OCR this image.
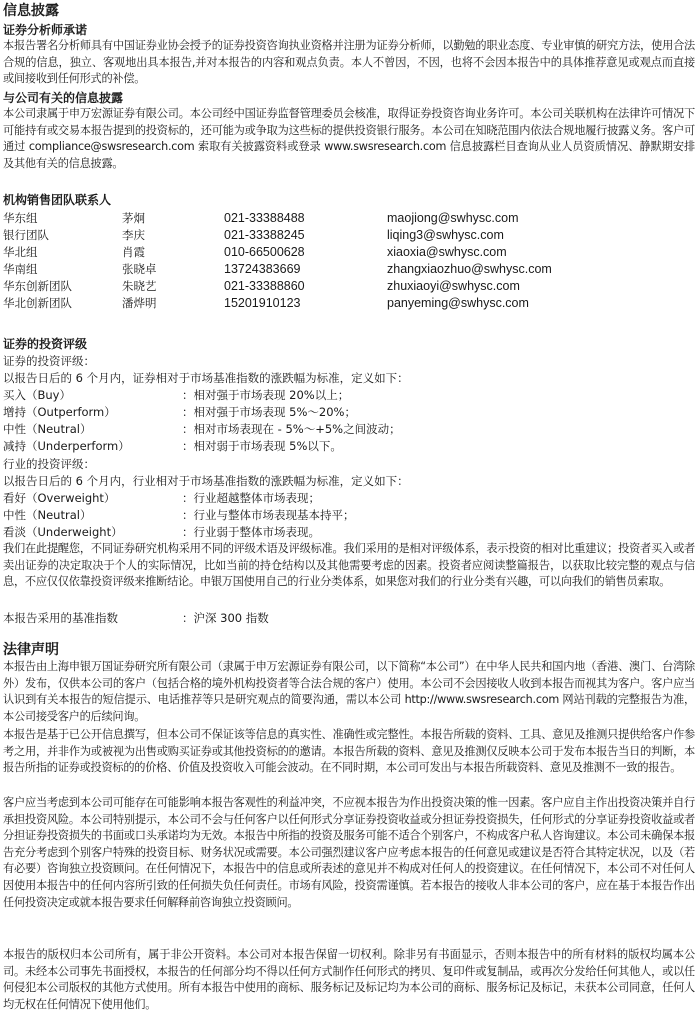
信息披露
证券分析师承诺
本报告署名分析师具有中国证券业协会授予的证券投资咨询执业资格并注册为证券分析师，以勤勉的职业态度、专业审慎的研究方法，使用合法合规的信息，独立、客观地出具本报告,并对本报告的内容和观点负责。本人不曾因，不因，也将不会因本报告中的具体推荐意见或观点而直接或间接收到任何形式的补偿。
与公司有关的信息披露
本公司隶属于申万宏源证券有限公司。本公司经中国证券监督管理委员会核准，取得证券投资咨询业务许可。本公司关联机构在法律许可情况下可能持有或交易本报告提到的投资标的，还可能为或争取为这些标的提供投资银行服务。本公司在知晓范围内依法合规地履行披露义务。客户可通过 compliance@swsresearch.com 索取有关披露资料或登录 www.swsresearch.com 信息披露栏目查询从业人员资质情况、静默期安排及其他有关的信息披露。
机构销售团队联系人
华东组	茅炯	021-33388488	maojiong@swhysc.com
银行团队	李庆	021-33388245	liqing3@swhysc.com
华北组	肖霞	010-66500628	xiaoxia@swhysc.com
华南组	张晓卓	13724383669	zhangxiaozhuo@swhysc.com
华东创新团队	朱晓艺	021-33388860	zhuxiaoyi@swhysc.com
华北创新团队	潘烨明	15201910123	panyeming@swhysc.com
证券的投资评级
证券的投资评级：
以报告日后的 6 个月内，证券相对于市场基准指数的涨跌幅为标准，定义如下：
买入（Buy）	：相对强于市场表现 20%以上；
增持（Outperform）	：相对强于市场表现 5%～20%；
中性（Neutral）	：相对市场表现在 - 5%～+5%之间波动；
减持（Underperform）	：相对弱于市场表现 5%以下。
行业的投资评级：
以报告日后的 6 个月内，行业相对于市场基准指数的涨跌幅为标准，定义如下：
看好（Overweight）	：行业超越整体市场表现；
中性（Neutral）	：行业与整体市场表现基本持平；
看淡（Underweight）	：行业弱于整体市场表现。
我们在此提醒您，不同证券研究机构采用不同的评级术语及评级标准。我们采用的是相对评级体系，表示投资的相对比重建议；投资者买入或者卖出证券的决定取决于个人的实际情况，比如当前的持仓结构以及其他需要考虑的因素。投资者应阅读整篇报告，以获取比较完整的观点与信息，不应仅仅依靠投资评级来推断结论。申银万国使用自己的行业分类体系，如果您对我们的行业分类有兴趣，可以向我们的销售员索取。
本报告采用的基准指数	：沪深 300 指数
法律声明
本报告由上海申银万国证券研究所有限公司（隶属于申万宏源证券有限公司，以下简称“本公司”）在中华人民共和国内地（香港、澳门、台湾除外）发布，仅供本公司的客户（包括合格的境外机构投资者等合法合规的客户）使用。本公司不会因接收人收到本报告而视其为客户。客户应当认识到有关本报告的短信提示、电话推荐等只是研究观点的简要沟通，需以本公司 http://www.swsresearch.com 网站刊载的完整报告为准，本公司接受客户的后续问询。
本报告是基于已公开信息撰写，但本公司不保证该等信息的真实性、准确性或完整性。本报告所载的资料、工具、意见及推测只提供给客户作参考之用，并非作为或被视为出售或购买证券或其他投资标的的邀请。本报告所载的资料、意见及推测仅反映本公司于发布本报告当日的判断，本报告所指的证券或投资标的的价格、价值及投资收入可能会波动。在不同时期，本公司可发出与本报告所载资料、意见及推测不一致的报告。
客户应当考虑到本公司可能存在可能影响本报告客观性的利益冲突，不应视本报告为作出投资决策的惟一因素。客户应自主作出投资决策并自行承担投资风险。本公司特别提示，本公司不会与任何客户以任何形式分享证券投资收益或分担证券投资损失，任何形式的分享证券投资收益或者分担证券投资损失的书面或口头承诺均为无效。本报告中所指的投资及服务可能不适合个别客户，不构成客户私人咨询建议。本公司未确保本报告充分考虑到个别客户特殊的投资目标、财务状况或需要。本公司强烈建议客户应考虑本报告的任何意见或建议是否符合其特定状况，以及（若有必要）咨询独立投资顾问。在任何情况下，本报告中的信息或所表述的意见并不构成对任何人的投资建议。在任何情况下，本公司不对任何人因使用本报告中的任何内容所引致的任何损失负任何责任。市场有风险，投资需谨慎。若本报告的接收人非本公司的客户，应在基于本报告作出任何投资决定或就本报告要求任何解释前咨询独立投资顾问。
本报告的版权归本公司所有，属于非公开资料。本公司对本报告保留一切权利。除非另有书面显示，否则本报告中的所有材料的版权均属本公司。未经本公司事先书面授权，本报告的任何部分均不得以任何方式制作任何形式的拷贝、复印件或复制品，或再次分发给任何其他人，或以任何侵犯本公司版权的其他方式使用。所有本报告中使用的商标、服务标记及标记均为本公司的商标、服务标记及标记，未获本公司同意，任何人均无权在任何情况下使用他们。
